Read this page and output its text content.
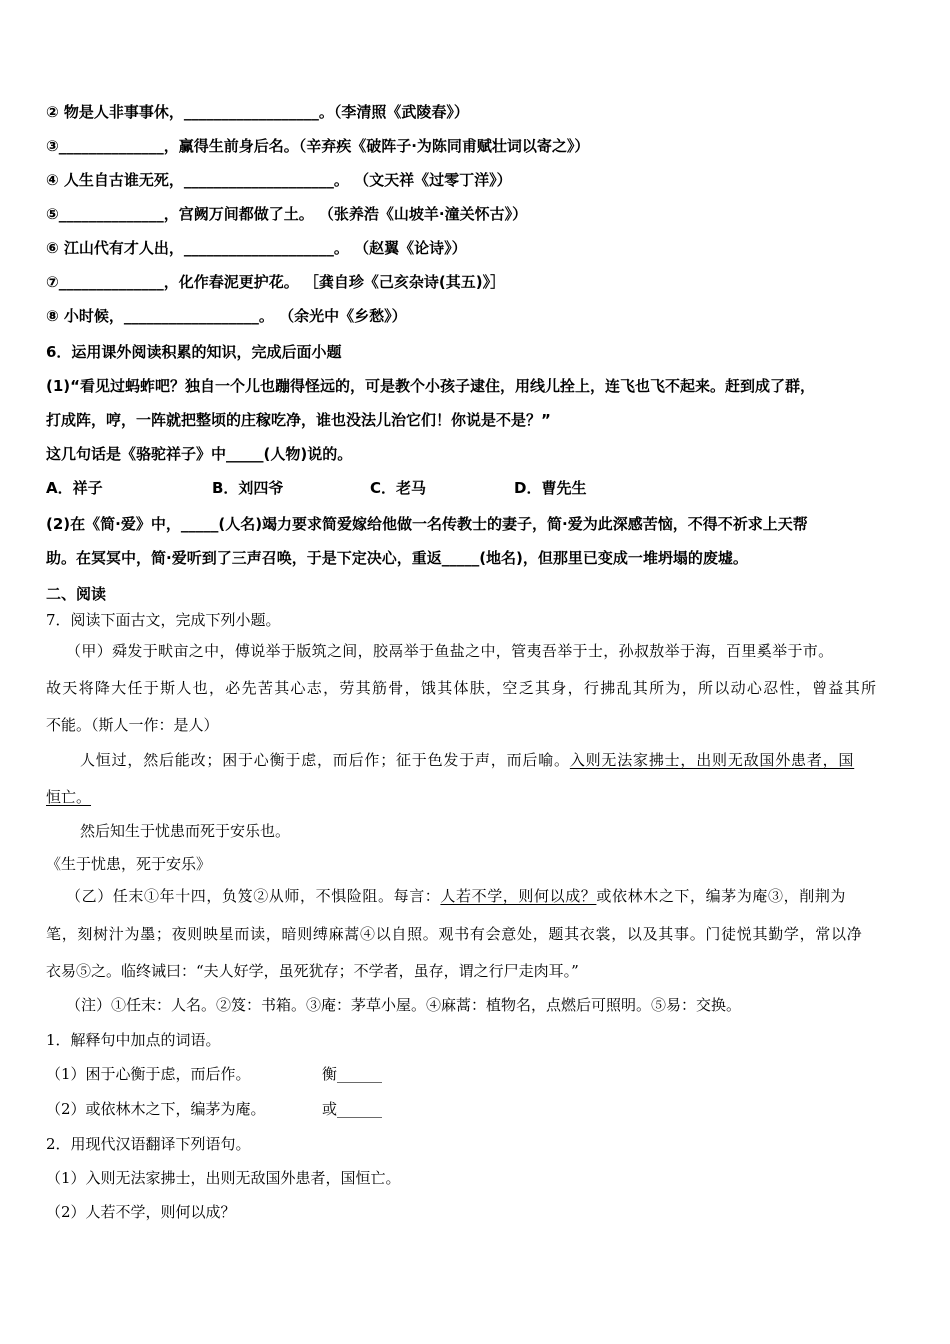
② 物是人非事事休，__________________。（李清照《武陵春》）
③______________，赢得生前身后名。（辛弃疾《破阵子·为陈同甫赋壮词以寄之》）
④ 人生自古谁无死，____________________。 （文天祥《过零丁洋》）
⑤______________，宫阙万间都做了土。 （张养浩《山坡羊·潼关怀古》）
⑥ 江山代有才人出，____________________。 （赵翼《论诗》）
⑦______________，化作春泥更护花。 ［龚自珍《己亥杂诗(其五)》］
⑧ 小时候，__________________。 （余光中《乡愁》）
6．运用课外阅读积累的知识，完成后面小题
(1)“看见过蚂蚱吧？独自一个儿也蹦得怪远的，可是教个小孩子逮住，用线儿拴上，连飞也飞不起来。赶到成了群，
打成阵，哼，一阵就把整顷的庄稼吃净，谁也没法儿治它们！你说是不是？”
这几句话是《骆驼祥子》中_____(人物)说的。
A．祥子	B．刘四爷	C．老马	D．曹先生
(2)在《简·爱》中，_____(人名)竭力要求简爱嫁给他做一名传教士的妻子，简·爱为此深感苦恼，不得不祈求上天帮
助。在冥冥中，简·爱听到了三声召唤，于是下定决心，重返_____(地名)，但那里已变成一堆坍塌的废墟。
二、阅读
7．阅读下面古文，完成下列小题。
（甲）舜发于畎亩之中，傅说举于版筑之间，胶鬲举于鱼盐之中，管夷吾举于士，孙叔敖举于海，百里奚举于市。
故天将降大任于斯人也，必先苦其心志，劳其筋骨，饿其体肤，空乏其身，行拂乱其所为，所以动心忍性，曾益其所
不能。（斯人一作：是人）
人恒过，然后能改；困于心衡于虑，而后作；征于色发于声，而后喻。入则无法家拂士，出则无敌国外患者，国
恒亡。
然后知生于忧患而死于安乐也。
《生于忧患，死于安乐》
（乙）任末①年十四，负笈②从师，不惧险阻。每言：人若不学，则何以成？或依林木之下，编茅为庵③，削荆为
笔，刻树汁为墨；夜则映星而读，暗则缚麻蒿④以自照。观书有会意处，题其衣裳，以及其事。门徒悦其勤学，常以净
衣易⑤之。临终诫曰：“夫人好学，虽死犹存；不学者，虽存，谓之行尸走肉耳。”
（注）①任末：人名。②笈：书箱。③庵：茅草小屋。④麻蒿：植物名，点燃后可照明。⑤易：交换。
1．解释句中加点的词语。
（1）困于心衡于虑，而后作。	衡______
（2）或依林木之下，编茅为庵。	或______
2．用现代汉语翻译下列语句。
（1）入则无法家拂士，出则无敌国外患者，国恒亡。
（2）人若不学，则何以成？
